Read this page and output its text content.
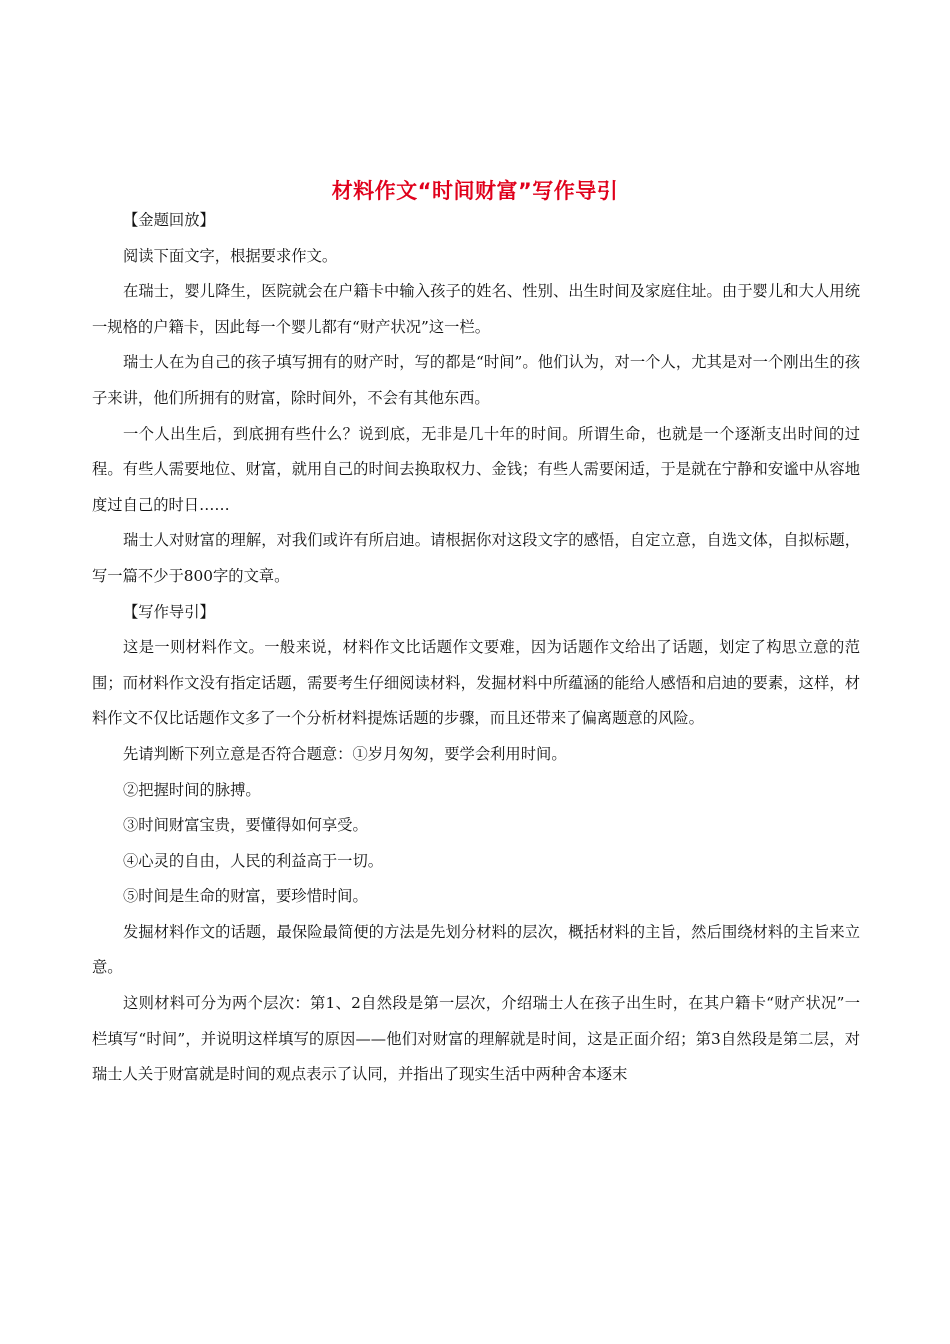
材料作文“时间财富”写作导引

【金题回放】

阅读下面文字，根据要求作文。

在瑞士，婴儿降生，医院就会在户籍卡中输入孩子的姓名、性别、出生时间及家庭住址。由于婴儿和大人用统一规格的户籍卡，因此每一个婴儿都有“财产状况”这一栏。

瑞士人在为自己的孩子填写拥有的财产时，写的都是“时间”。他们认为，对一个人，尤其是对一个刚出生的孩子来讲，他们所拥有的财富，除时间外，不会有其他东西。

一个人出生后，到底拥有些什么？说到底，无非是几十年的时间。所谓生命，也就是一个逐渐支出时间的过程。有些人需要地位、财富，就用自己的时间去换取权力、金钱；有些人需要闲适，于是就在宁静和安谧中从容地度过自己的时日……

瑞士人对财富的理解，对我们或许有所启迪。请根据你对这段文字的感悟，自定立意，自选文体，自拟标题，写一篇不少于800字的文章。

【写作导引】

这是一则材料作文。一般来说，材料作文比话题作文要难，因为话题作文给出了话题，划定了构思立意的范围；而材料作文没有指定话题，需要考生仔细阅读材料，发掘材料中所蕴涵的能给人感悟和启迪的要素，这样，材料作文不仅比话题作文多了一个分析材料提炼话题的步骤，而且还带来了偏离题意的风险。

先请判断下列立意是否符合题意：①岁月匆匆，要学会利用时间。

②把握时间的脉搏。

③时间财富宝贵，要懂得如何享受。

④心灵的自由，人民的利益高于一切。

⑤时间是生命的财富，要珍惜时间。

发掘材料作文的话题，最保险最简便的方法是先划分材料的层次，概括材料的主旨，然后围绕材料的主旨来立意。

这则材料可分为两个层次：第1、2自然段是第一层次，介绍瑞士人在孩子出生时，在其户籍卡“财产状况”一栏填写“时间”，并说明这样填写的原因——他们对财富的理解就是时间，这是正面介绍；第3自然段是第二层，对瑞士人关于财富就是时间的观点表示了认同，并指出了现实生活中两种舍本逐末
